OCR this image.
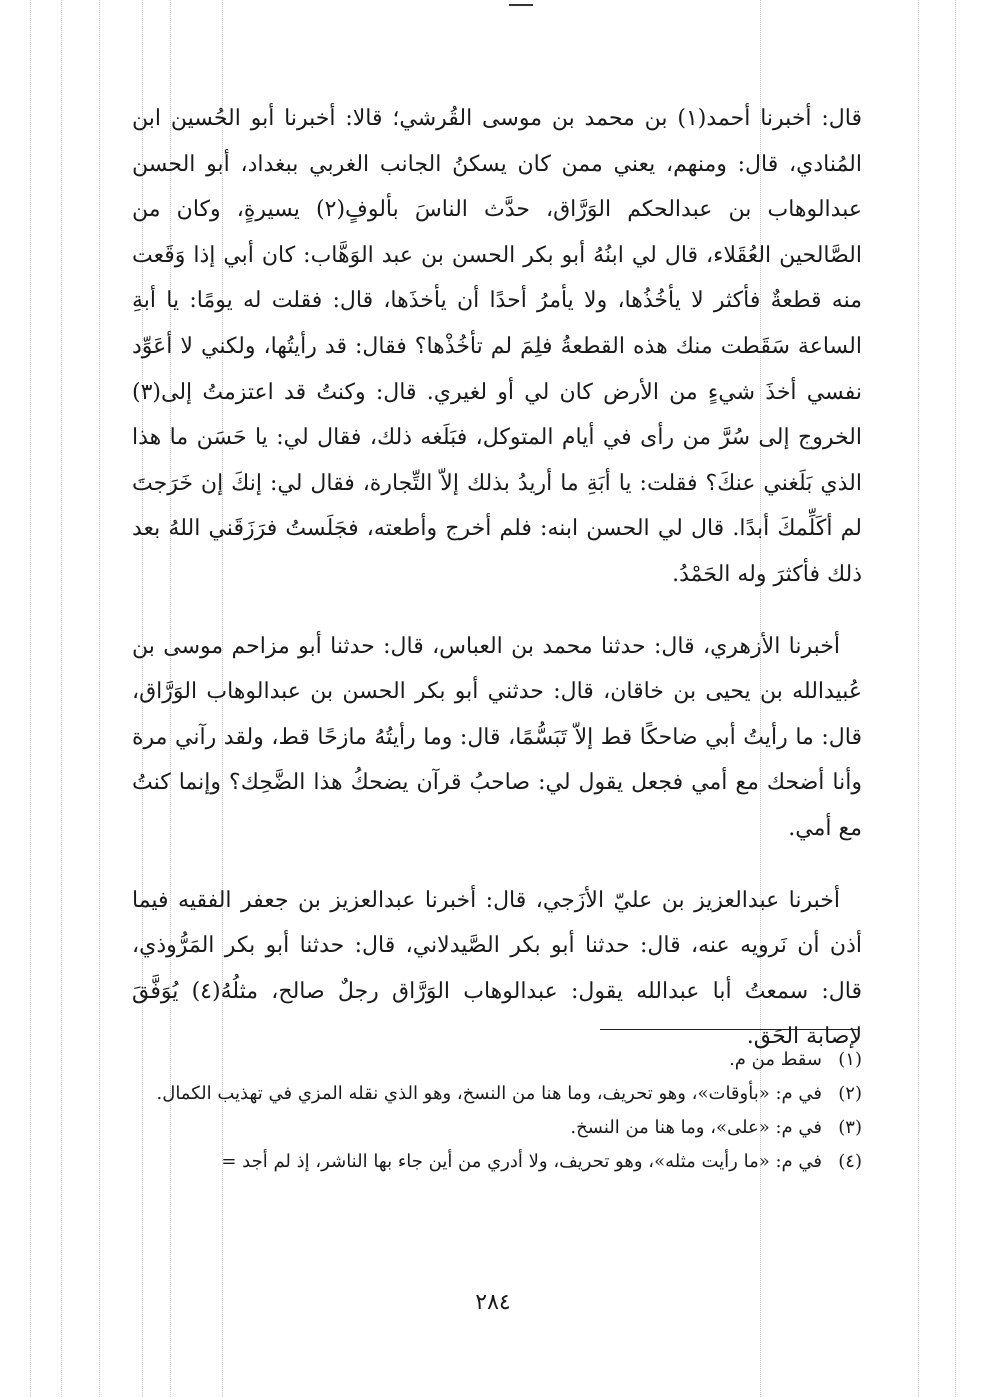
قال: أخبرنا أحمد(١) بن محمد بن موسى القُرشي؛ قالا: أخبرنا أبو الحُسين ابن المُنادي، قال: ومنهم، يعني ممن كان يسكنُ الجانب الغربي ببغداد، أبو الحسن عبدالوهاب بن عبدالحكم الوَرَّاق، حدَّث الناسَ بألوفٍ(٢) يسيرةٍ، وكان من الصَّالحين العُقَلاء، قال لي ابنُهُ أبو بكر الحسن بن عبد الوَهَّاب: كان أبي إذا وَقَعت منه قطعةٌ فأكثر لا يأخُذُها، ولا يأمرُ أحدًا أن يأخذَها، قال: فقلت له يومًا: يا أبةِ الساعة سَقَطت منك هذه القطعةُ فلِمَ لم تأخُذْها؟ فقال: قد رأيتُها، ولكني لا أعَوِّد نفسي أخذَ شيءٍ من الأرض كان لي أو لغيري. قال: وكنتُ قد اعتزمتُ إلى(٣) الخروج إلى سُرَّ من رأى في أيام المتوكل، فبَلَغه ذلك، فقال لي: يا حَسَن ما هذا الذي بَلَغني عنكَ؟ فقلت: يا أبَةِ ما أريدُ بذلك إلاّ التِّجارة، فقال لي: إنكَ إن خَرَجتَ لم أكَلِّمكَ أبدًا. قال لي الحسن ابنه: فلم أخرج وأطعته، فجَلَستُ فرَزَقَني اللهُ بعد ذلك فأكثرَ وله الحَمْدُ.

أخبرنا الأزهري، قال: حدثنا محمد بن العباس، قال: حدثنا أبو مزاحم موسى بن عُبيدالله بن يحيى بن خاقان، قال: حدثني أبو بكر الحسن بن عبدالوهاب الوَرَّاق، قال: ما رأيتُ أبي ضاحكًا قط إلاّ تَبَسُّمًا، قال: وما رأيتُهُ مازحًا قط، ولقد رآني مرة وأنا أضحك مع أمي فجعل يقول لي: صاحبُ قرآن يضحكُ هذا الضَّحِك؟ وإنما كنتُ مع أمي.

أخبرنا عبدالعزيز بن عليّ الأزَجي، قال: أخبرنا عبدالعزيز بن جعفر الفقيه فيما أذن أن نَرويه عنه، قال: حدثنا أبو بكر الصَّيدلاني، قال: حدثنا أبو بكر المَرُّوذي، قال: سمعتُ أبا عبدالله يقول: عبدالوهاب الوَرَّاق رجلٌ صالح، مثلُهُ(٤) يُوَفَّقَ لإصابة الحَق.

(١)
سقط من م.
(٢)
في م: «بأوقات»، وهو تحريف، وما هنا من النسخ، وهو الذي نقله المزي في تهذيب الكمال.
(٣)
في م: «على»، وما هنا من النسخ.
(٤)
في م: «ما رأيت مثله»، وهو تحريف، ولا أدري من أين جاء بها الناشر، إذ لم أجد =
٢٨٤
